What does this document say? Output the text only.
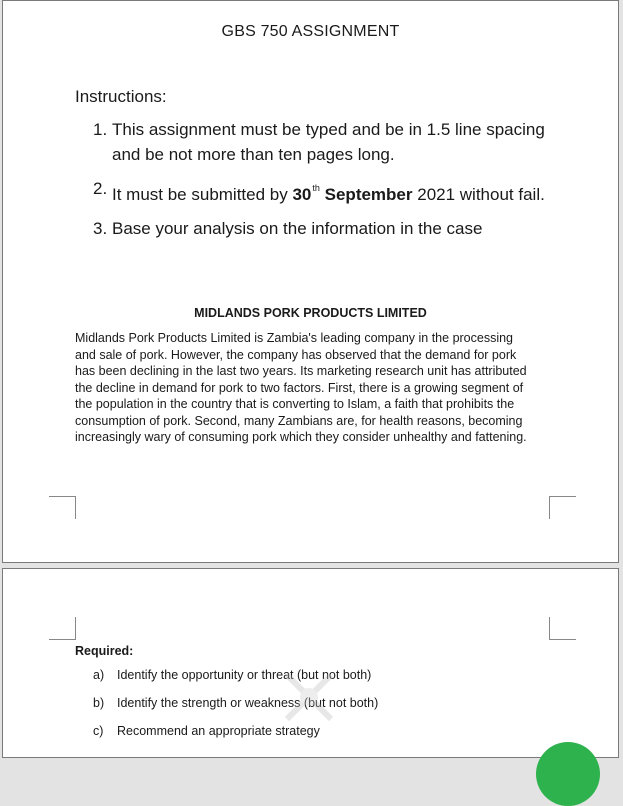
GBS 750 ASSIGNMENT
Instructions:
1. This assignment must be typed and be in 1.5 line spacing and be not more than ten pages long.
2. It must be submitted by 30th September 2021 without fail.
3. Base your analysis on the information in the case
MIDLANDS PORK PRODUCTS LIMITED

Midlands Pork Products Limited is Zambia's leading company in the processing and sale of pork. However, the company has observed that the demand for pork has been declining in the last two years. Its marketing research unit has attributed the decline in demand for pork to two factors. First, there is a growing segment of the population in the country that is converting to Islam, a faith that prohibits the consumption of pork. Second, many Zambians are, for health reasons, becoming increasingly wary of consuming pork which they consider unhealthy and fattening.

Required:
a) Identify the opportunity or threat (but not both)
b) Identify the strength or weakness (but not both)
c) Recommend an appropriate strategy
